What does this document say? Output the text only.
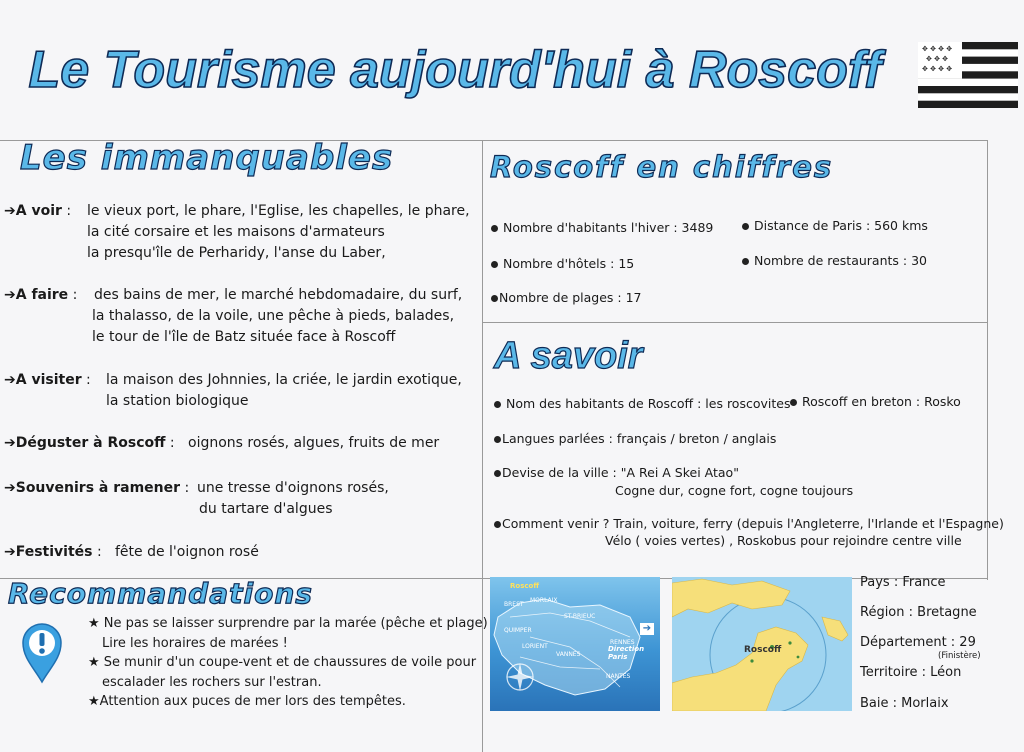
Le Tourisme aujourd'hui à Roscoff	✥ ✥ ✥ ✥
✥ ✥ ✥
✥ ✥ ✥ ✥
Les immanquables
➔A voir : le vieux port, le phare, l'Eglise, les chapelles, le phare,
la cité corsaire et les maisons d'armateurs
la presqu'île de Perharidy, l'anse du Laber,
➔A faire : des bains de mer, le marché hebdomadaire, du surf,
la thalasso, de la voile, une pêche à pieds, balades,
le tour de l'île de Batz située face à Roscoff
➔A visiter : la maison des Johnnies, la criée, le jardin exotique,
la station biologique
➔Déguster à Roscoff : oignons rosés, algues, fruits de mer
➔Souvenirs à ramener : une tresse d'oignons rosés,
du tartare d'algues
➔Festivités : fête de l'oignon rosé
Roscoff en chiffres
Nombre d'habitants l'hiver : 3489	Distance de Paris : 560 kms
Nombre d'hôtels : 15	Nombre de restaurants : 30
Nombre de plages : 17
A savoir
Nom des habitants de Roscoff : les roscovites Roscoff en breton : Rosko
Langues parlées : français / breton / anglais
Devise de la ville : "A Rei A Skei Atao"
Cogne dur, cogne fort, cogne toujours
Comment venir ? Train, voiture, ferry (depuis l'Angleterre, l'Irlande et l'Espagne)
Vélo ( voies vertes) , Roskobus pour rejoindre centre ville
Recommandations
★ Ne pas se laisser surprendre par la marée (pêche et plage)
Lire les horaires de marées !
★ Se munir d'un coupe-vent et de chaussures de voile pour
escalader les rochers sur l'estran.
★Attention aux puces de mer lors des tempêtes.
Roscoff
BREST
MORLAIX
ST-BRIEUC
QUIMPER
LORIENT
VANNES
RENNES
NANTES
➔
Direction Paris
Roscoff
Pays : France
Région : Bretagne
Département : 29
(Finistère)
Territoire : Léon
Baie : Morlaix
